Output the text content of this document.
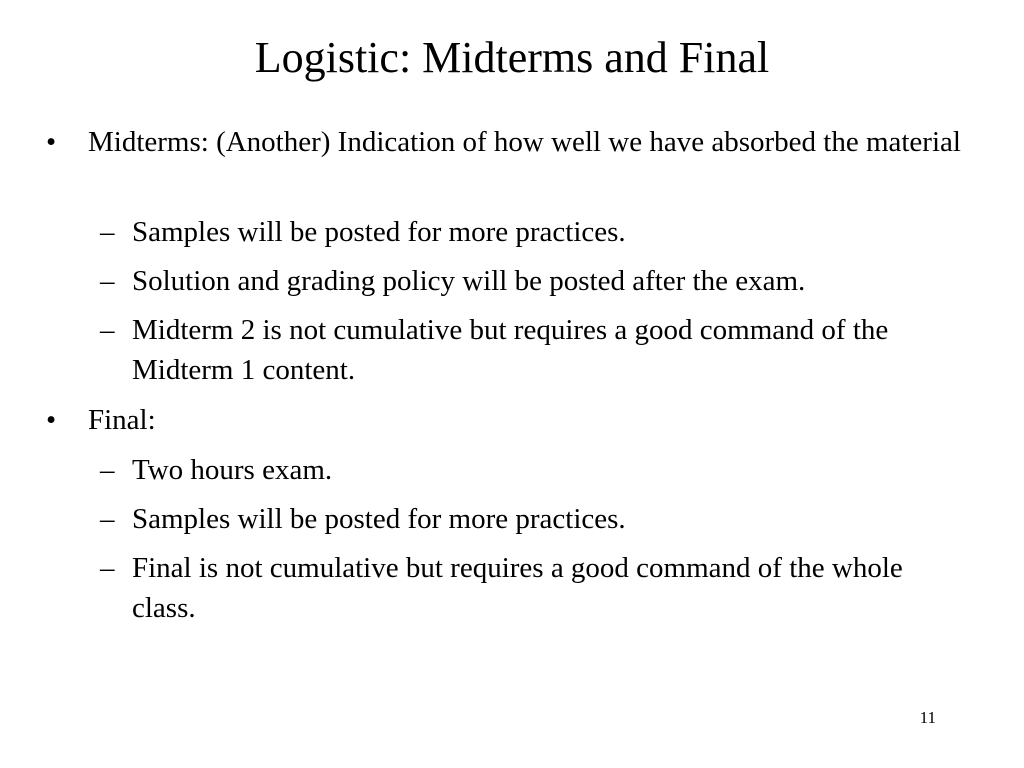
Logistic: Midterms and Final
• Midterms: (Another) Indication of how well we have absorbed the material
– Samples will be posted for more practices.
– Solution and grading policy will be posted after the exam.
– Midterm 2 is not cumulative but requires a good command of the Midterm 1 content.
• Final:
– Two hours exam.
– Samples will be posted for more practices.
– Final is not cumulative but requires a good command of the whole class.
11
